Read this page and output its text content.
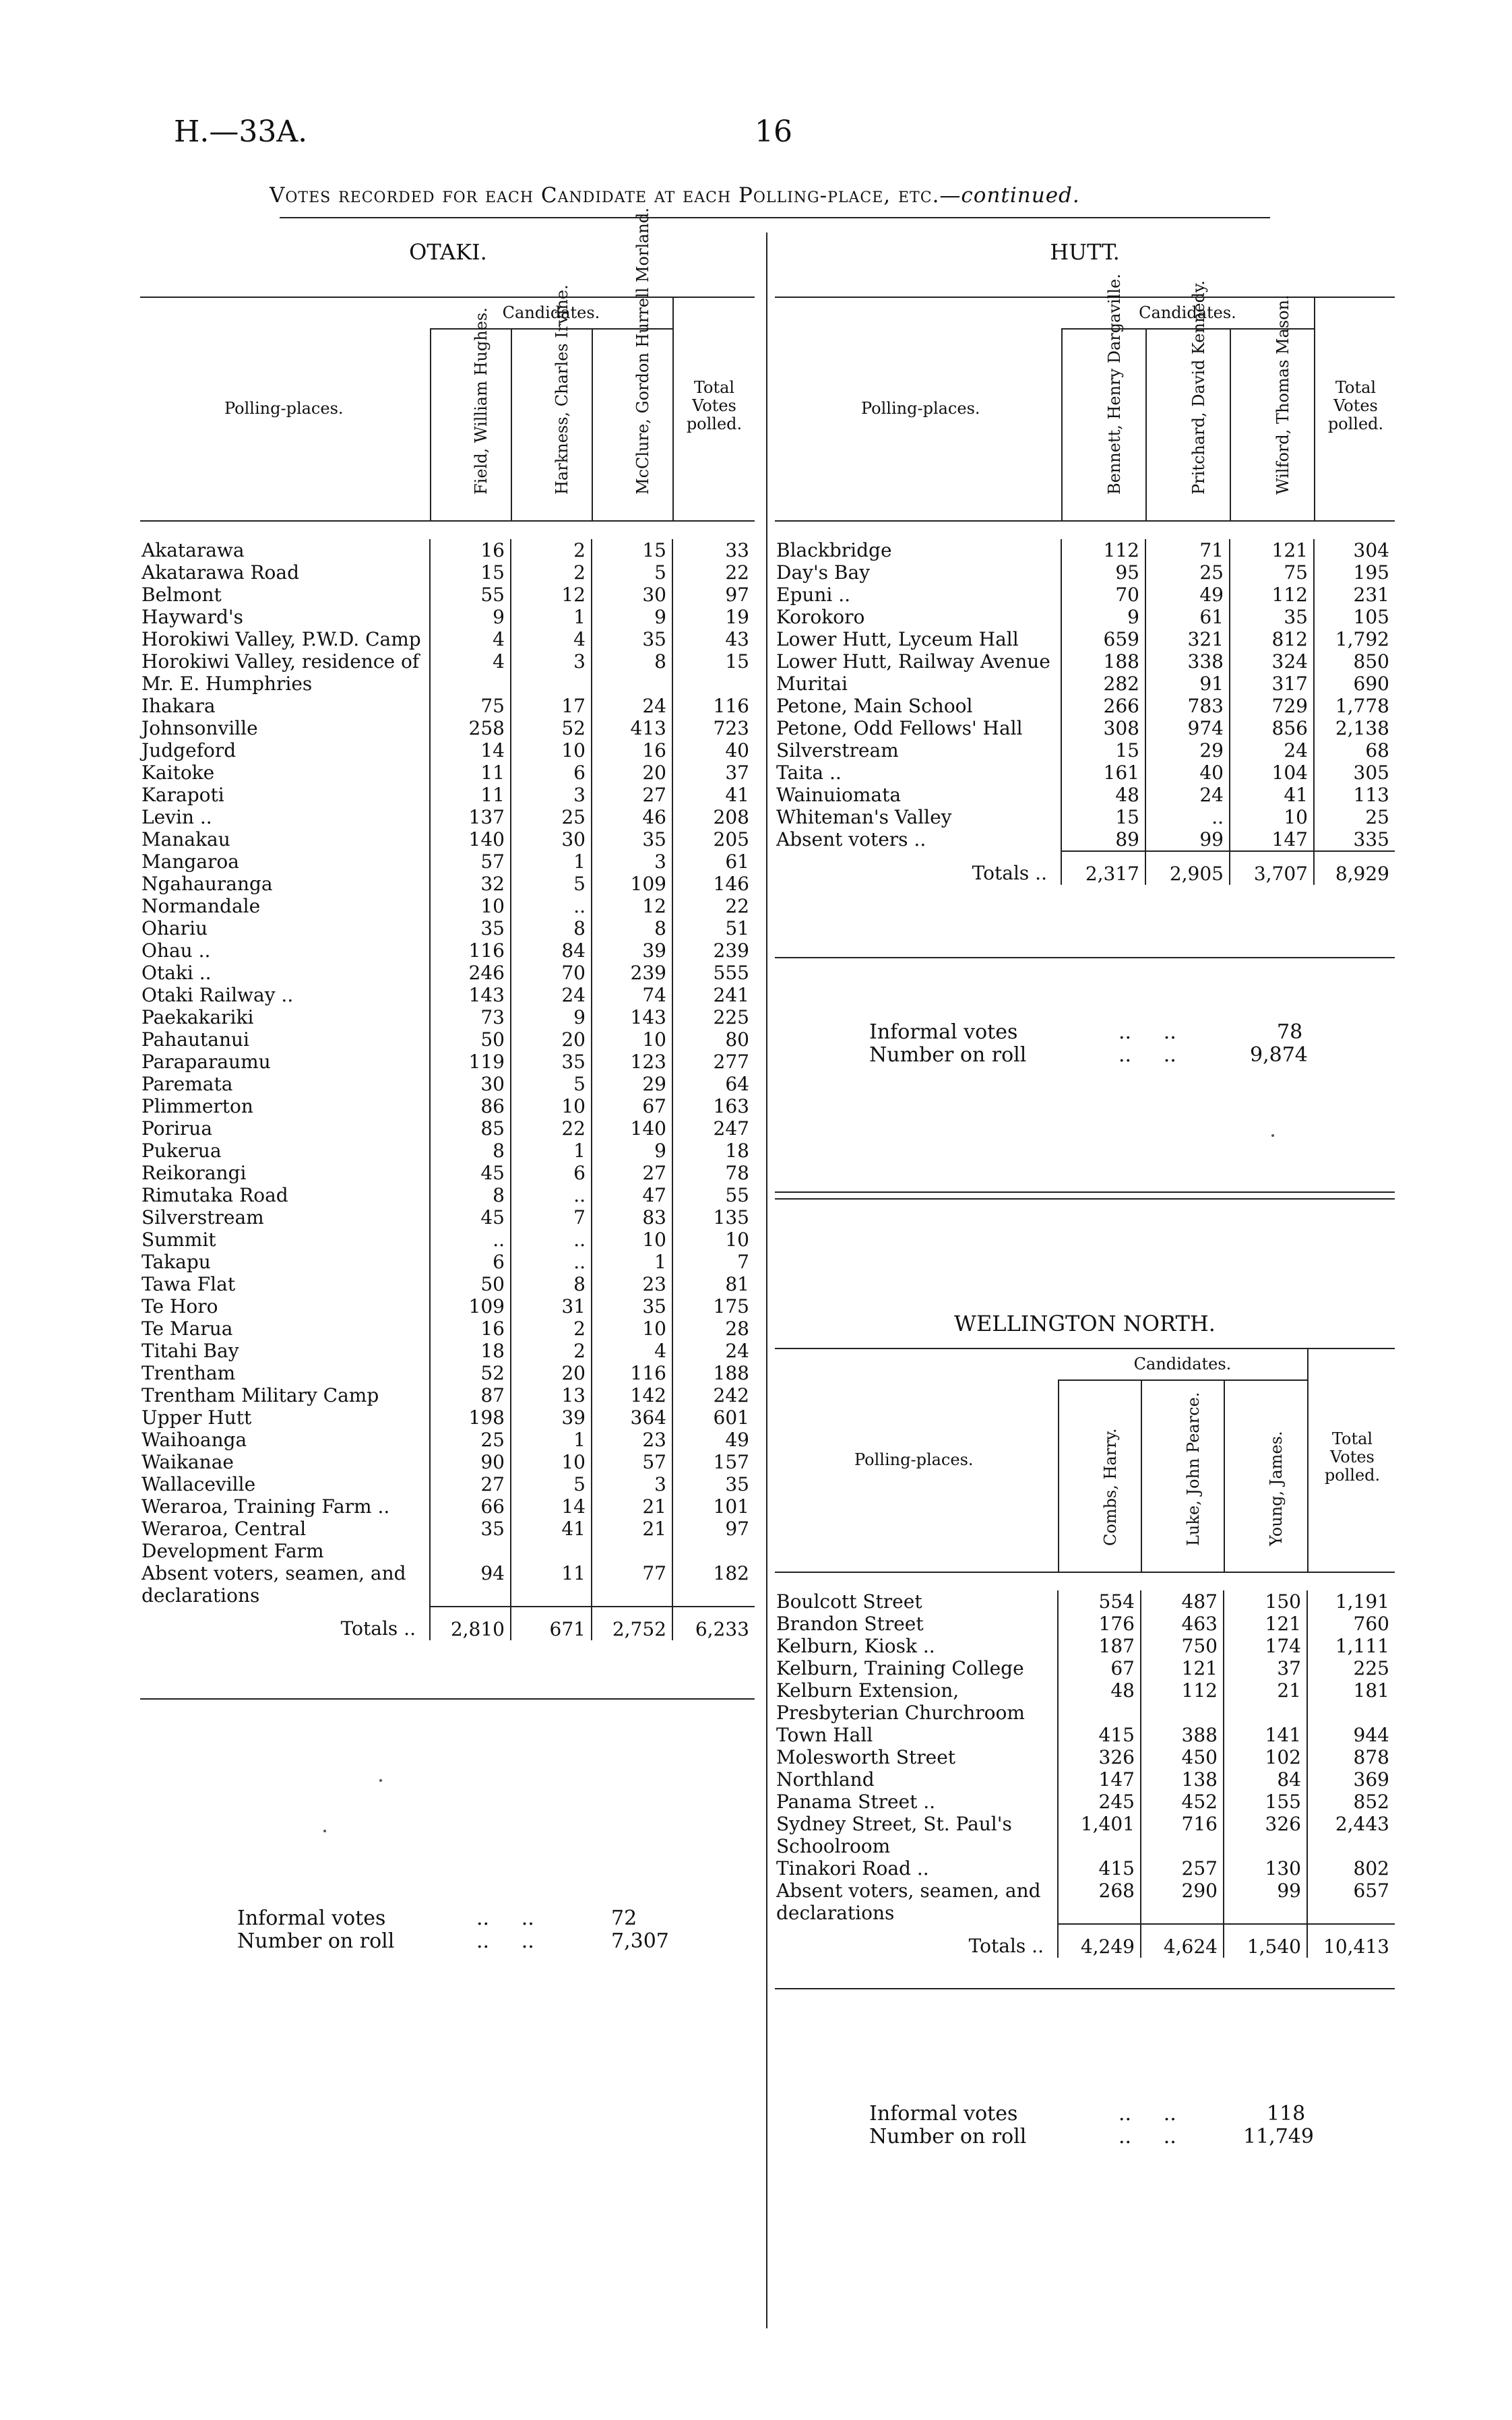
H.—33A.	16
Votes recorded for each Candidate at each Polling-place, etc.—continued.
OTAKI.
Polling-places.
Candidates.
Field, William Hughes.	Harkness, Charles Irvine.	McClure, Gordon Hurrell Morland.	Total Votes polled.
Akatarawa	16	2	15	33
Akatarawa Road	15	2	5	22
Belmont	55	12	30	97
Hayward's	9	1	9	19
Horokiwi Valley, P.W.D. Camp	4	4	35	43
Horokiwi Valley, residence of Mr. E. Humphries	4	3	8	15
Ihakara	75	17	24	116
Johnsonville	258	52	413	723
Judgeford	14	10	16	40
Kaitoke	11	6	20	37
Karapoti	11	3	27	41
Levin ..	137	25	46	208
Manakau	140	30	35	205
Mangaroa	57	1	3	61
Ngahauranga	32	5	109	146
Normandale	10	..	12	22
Ohariu	35	8	8	51
Ohau ..	116	84	39	239
Otaki ..	246	70	239	555
Otaki Railway ..	143	24	74	241
Paekakariki	73	9	143	225
Pahautanui	50	20	10	80
Paraparaumu	119	35	123	277
Paremata	30	5	29	64
Plimmerton	86	10	67	163
Porirua	85	22	140	247
Pukerua	8	1	9	18
Reikorangi	45	6	27	78
Rimutaka Road	8	..	47	55
Silverstream	45	7	83	135
Summit	..	..	10	10
Takapu	6	..	1	7
Tawa Flat	50	8	23	81
Te Horo	109	31	35	175
Te Marua	16	2	10	28
Titahi Bay	18	2	4	24
Trentham	52	20	116	188
Trentham Military Camp	87	13	142	242
Upper Hutt	198	39	364	601
Waihoanga	25	1	23	49
Waikanae	90	10	57	157
Wallaceville	27	5	3	35
Weraroa, Training Farm ..	66	14	21	101
Weraroa, Central Development Farm	35	41	21	97
Absent voters, seamen, and declarations	94	11	77	182
Totals ..	2,810	671	2,752	6,233
Informal votes	..     ..	72
Number on roll	..     ..	7,307
HUTT.
Polling-places.
Candidates.
Bennett, Henry Dargaville.	Pritchard, David Kennedy.	Wilford, Thomas Mason.	Total Votes polled.
Blackbridge	112	71	121	304
Day's Bay	95	25	75	195
Epuni ..	70	49	112	231
Korokoro	9	61	35	105
Lower Hutt, Lyceum Hall	659	321	812	1,792
Lower Hutt, Railway Avenue	188	338	324	850
Muritai	282	91	317	690
Petone, Main School	266	783	729	1,778
Petone, Odd Fellows' Hall	308	974	856	2,138
Silverstream	15	29	24	68
Taita ..	161	40	104	305
Wainuiomata	48	24	41	113
Whiteman's Valley	15	..	10	25
Absent voters ..	89	99	147	335
Totals ..	2,317	2,905	3,707	8,929
Informal votes	..     ..	78
Number on roll	..     ..	9,874
WELLINGTON NORTH.
Polling-places.
Candidates.
Combs, Harry.	Luke, John Pearce.	Young, James.	Total Votes polled.
Boulcott Street	554	487	150	1,191
Brandon Street	176	463	121	760
Kelburn, Kiosk ..	187	750	174	1,111
Kelburn, Training College	67	121	37	225
Kelburn Extension, Presbyterian Churchroom	48	112	21	181
Town Hall	415	388	141	944
Molesworth Street	326	450	102	878
Northland	147	138	84	369
Panama Street ..	245	452	155	852
Sydney Street, St. Paul's Schoolroom	1,401	716	326	2,443
Tinakori Road ..	415	257	130	802
Absent voters, seamen, and declarations	268	290	99	657
Totals ..	4,249	4,624	1,540	10,413
Informal votes	..     ..	118
Number on roll	..     ..	11,749
